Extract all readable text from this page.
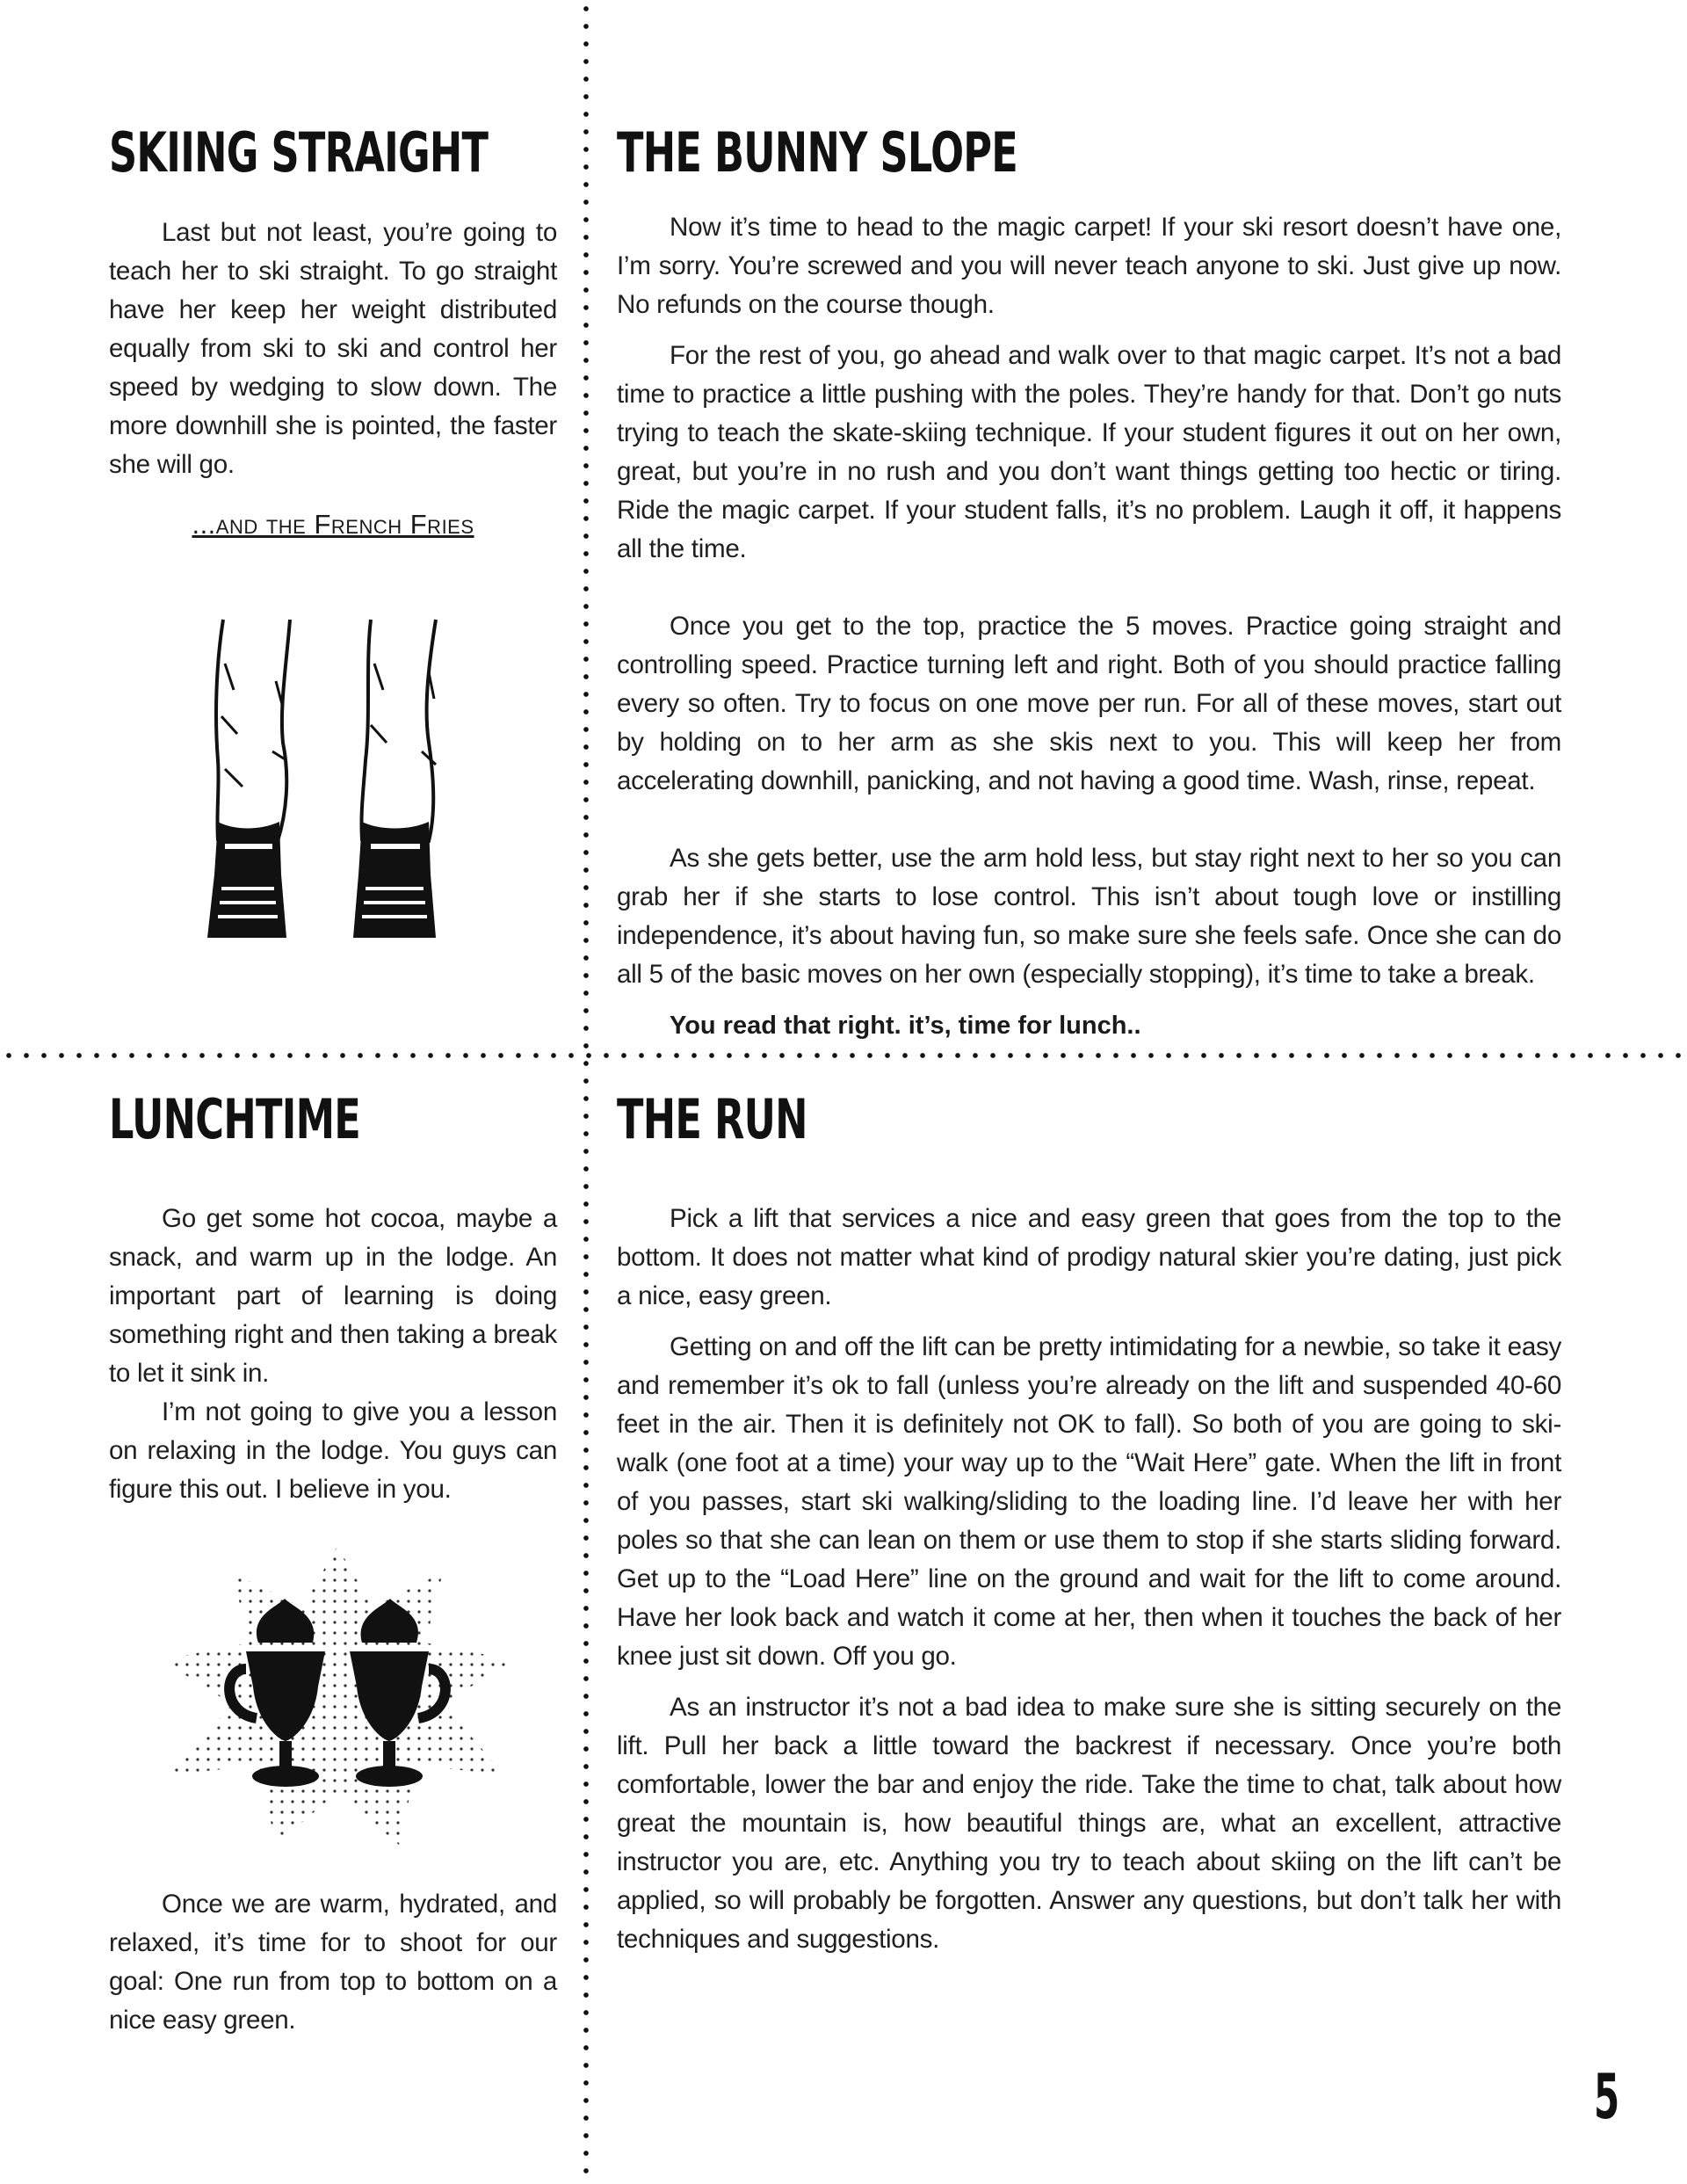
SKIING STRAIGHT

Last but not least, you’re going to teach her to ski straight. To go straight have her keep her weight distributed equally from ski to ski and control her speed by wedging to slow down. The more downhill she is pointed, the faster she will go.

...and the French Fries
THE BUNNY SLOPE

Now it’s time to head to the magic carpet! If your ski resort doesn’t have one, I’m sorry. You’re screwed and you will never teach anyone to ski. Just give up now. No refunds on the course though.

For the rest of you, go ahead and walk over to that magic carpet. It’s not a bad time to practice a little pushing with the poles. They’re handy for that. Don’t go nuts trying to teach the skate-skiing technique. If your student figures it out on her own, great, but you’re in no rush and you don’t want things getting too hectic or tiring. Ride the magic carpet. If your student falls, it’s no problem. Laugh it off, it happens all the time.

Once you get to the top, practice the 5 moves. Practice going straight and controlling speed. Practice turning left and right. Both of you should practice falling every so often. Try to focus on one move per run. For all of these moves, start out by holding on to her arm as she skis next to you. This will keep her from accelerating downhill, panicking, and not having a good time. Wash, rinse, repeat.

As she gets better, use the arm hold less, but stay right next to her so you can grab her if she starts to lose control. This isn’t about tough love or instilling independence, it’s about having fun, so make sure she feels safe. Once she can do all 5 of the basic moves on her own (especially stopping), it’s time to take a break.

You read that right. it’s, time for lunch..

LUNCHTIME

Go get some hot cocoa, maybe a snack, and warm up in the lodge. An important part of learning is doing something right and then taking a break to let it sink in.

I’m not going to give you a lesson on relaxing in the lodge. You guys can figure this out. I believe in you.

Once we are warm, hydrated, and relaxed, it’s time for to shoot for our goal: One run from top to bottom on a nice easy green.

THE RUN

Pick a lift that services a nice and easy green that goes from the top to the bottom. It does not matter what kind of prodigy natural skier you’re dating, just pick a nice, easy green.

Getting on and off the lift can be pretty intimidating for a newbie, so take it easy and remember it’s ok to fall (unless you’re already on the lift and suspended 40-60 feet in the air. Then it is definitely not OK to fall). So both of you are going to ski-walk (one foot at a time) your way up to the “Wait Here” gate. When the lift in front of you passes, start ski walking/sliding to the loading line. I’d leave her with her poles so that she can lean on them or use them to stop if she starts sliding forward. Get up to the “Load Here” line on the ground and wait for the lift to come around. Have her look back and watch it come at her, then when it touches the back of her knee just sit down. Off you go.

As an instructor it’s not a bad idea to make sure she is sitting securely on the lift. Pull her back a little toward the backrest if necessary. Once you’re both comfortable, lower the bar and enjoy the ride. Take the time to chat, talk about how great the mountain is, how beautiful things are, what an excellent, attractive instructor you are, etc. Anything you try to teach about skiing on the lift can’t be applied, so will probably be forgotten. Answer any questions, but don’t talk her with techniques and suggestions.

5
